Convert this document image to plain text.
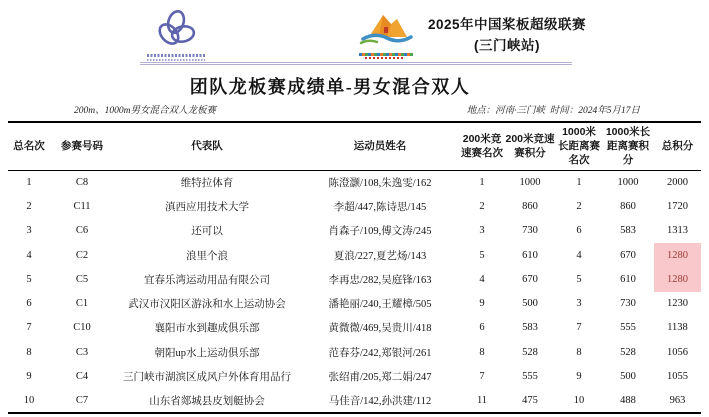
2025年中国桨板超级联赛
(三门峡站)
团队龙板赛成绩单-男女混合双人
200m、1000m男女混合双人龙板赛	地点：河南·三门峡 时间：2024年5月17日
总名次	参赛号码	代表队	运动员姓名	200米竞速赛名次	200米竞速赛积分	1000米长距离赛名次	1000米长距离赛积分	总积分
1	C8	维特拉体育	陈澄灏/108,朱逸雯/162	1	1000	1	1000	2000
2	C11	滇西应用技术大学	李超/447,陈诗思/145	2	860	2	860	1720
3	C6	还可以	肖森子/109,傅文涛/245	3	730	6	583	1313
4	C2	浪里个浪	夏浪/227,夏艺炀/143	5	610	4	670	1280
5	C5	宜春乐湾运动用品有限公司	李再忠/282,吴庭锋/163	4	670	5	610	1280
6	C1	武汉市汉阳区游泳和水上运动协会	潘艳丽/240,王耀樟/505	9	500	3	730	1230
7	C10	襄阳市水到趣成俱乐部	黄微微/469,吴贵川/418	6	583	7	555	1138
8	C3	朝阳up水上运动俱乐部	范春芬/242,郑银河/261	8	528	8	528	1056
9	C4	三门峡市湖滨区成风户外体育用品行	张绍甫/205,郑二娟/247	7	555	9	500	1055
10	C7	山东省郯城县皮划艇协会	马佳音/142,孙洪建/112	11	475	10	488	963
